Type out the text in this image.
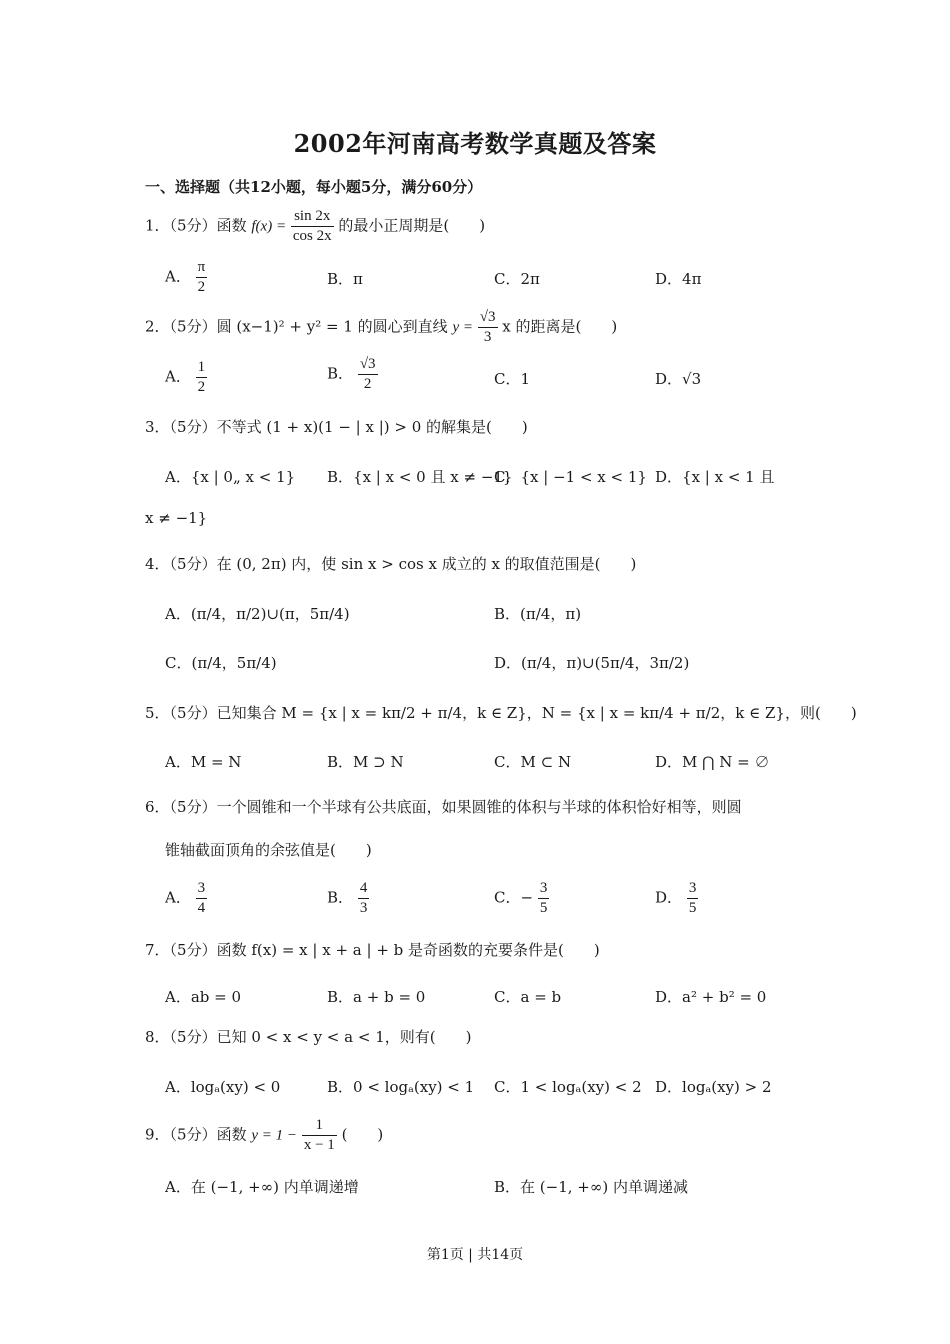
2002年河南高考数学真题及答案
一、选择题（共12小题，每小题5分，满分60分）
1．（5分）函数 $f(x) = \frac{\sin 2x}{\cos 2x}$ 的最小正周期是(　　)
A． $\frac{\pi}{2}$	B．π	C．2π	D．4π
2．（5分）圆 (x−1)² + y² = 1 的圆心到直线 $y = \frac{√3}{3}$ x 的距离是(　　)
A． $\frac{1}{2}$	B． $\frac{√3}{2}$	C．1	D．√3
3．（5分）不等式 (1 + x)(1 − | x |) > 0 的解集是(　　)
A．{x | 0„ x < 1} B．{x | x < 0 且 x ≠ −1}
C．{x | −1 < x < 1} D．{x | x < 1 且
x ≠ −1}
4．（5分）在 (0, 2π) 内，使 sin x > cos x 成立的 x 的取值范围是(　　)
A．(π/4，π/2)∪(π，5π/4)	B．(π/4，π)
C．(π/4，5π/4)	D．(π/4，π)∪(5π/4，3π/2)
5．（5分）已知集合 M = {x | x = kπ/2 + π/4，k ∈ Z}，N = {x | x = kπ/4 + π/2，k ∈ Z}，则(　　)
A．M = N	B．M ⊃ N	C．M ⊂ N	D．M ⋂ N = ∅
6．（5分）一个圆锥和一个半球有公共底面，如果圆锥的体积与半球的体积恰好相等，则圆
锥轴截面顶角的余弦值是(　　)
A． $\frac{3}{4}$	B． $\frac{4}{3}$	C．− $\frac{3}{5}$	D． $\frac{3}{5}$
7．（5分）函数 f(x) = x | x + a | + b 是奇函数的充要条件是(　　)
A．ab = 0	B．a + b = 0	C．a = b	D．a² + b² = 0
8．（5分）已知 0 < x < y < a < 1，则有(　　)
A．logₐ(xy) < 0	B．0 < logₐ(xy) < 1 C．1 < logₐ(xy) < 2 D．logₐ(xy) > 2
9．（5分）函数 $y = 1 - \frac{1}{x - 1}$ (　　)
A．在 (−1, +∞) 内单调递增	B．在 (−1, +∞) 内单调递减
第1页 | 共14页
